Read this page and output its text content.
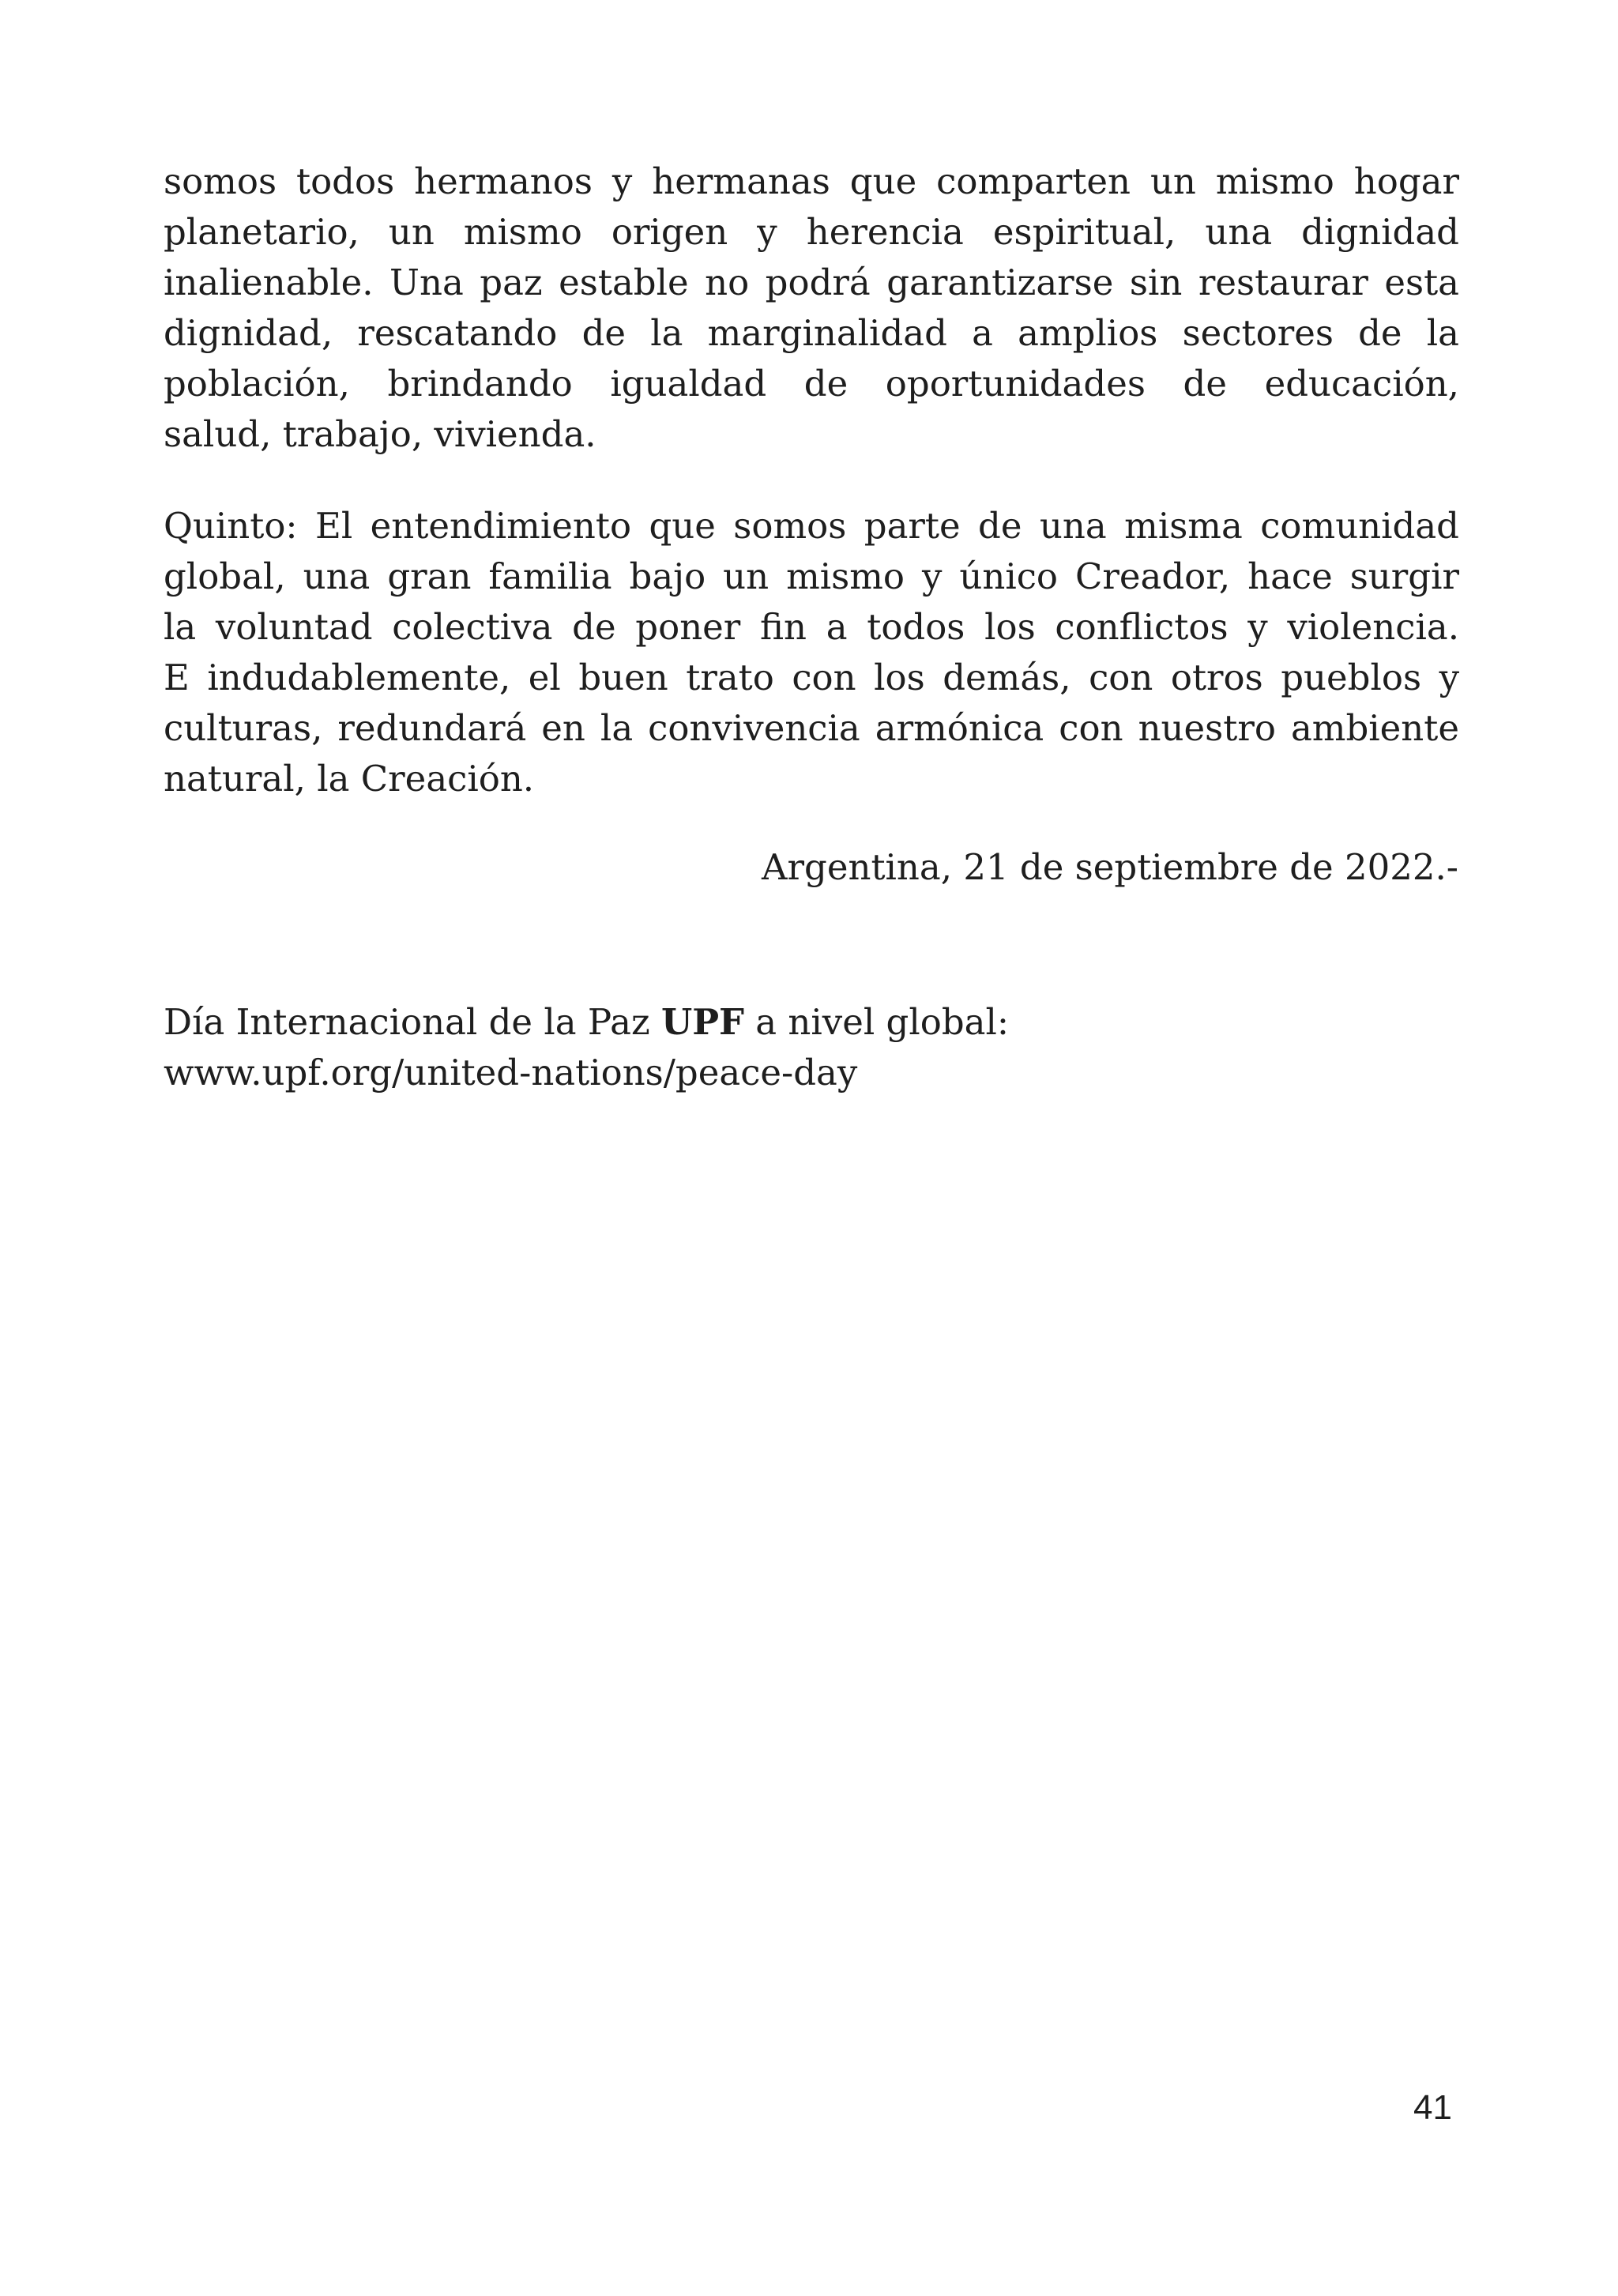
somos todos hermanos y hermanas que comparten un mismo hogar
planetario, un mismo origen y herencia espiritual, una dignidad
inalienable. Una paz estable no podrá garantizarse sin restaurar esta
dignidad, rescatando de la marginalidad a amplios sectores de la
población, brindando igualdad de oportunidades de educación,
salud, trabajo, vivienda.
Quinto: El entendimiento que somos parte de una misma comunidad
global, una gran familia bajo un mismo y único Creador, hace surgir
la voluntad colectiva de poner fin a todos los conflictos y violencia.
E indudablemente, el buen trato con los demás, con otros pueblos y
culturas, redundará en la convivencia armónica con nuestro ambiente
natural, la Creación.
Argentina, 21 de septiembre de 2022.-
Día Internacional de la Paz UPF a nivel global:
www.upf.org/united-nations/peace-day
41
